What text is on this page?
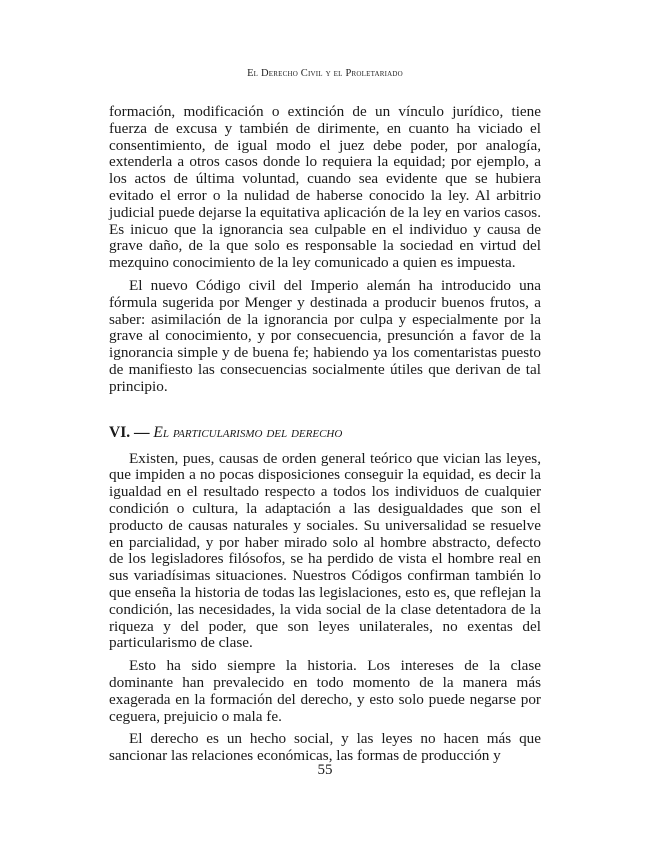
El Derecho Civil y el Proletariado

formación, modificación o extinción de un vínculo jurídico, tiene fuerza de excusa y también de dirimente, en cuanto ha viciado el consentimiento, de igual modo el juez debe poder, por analogía, extenderla a otros casos donde lo requiera la equidad; por ejemplo, a los actos de última voluntad, cuando sea evidente que se hubiera evitado el error o la nulidad de haberse conocido la ley. Al arbitrio judicial puede dejarse la equitativa aplicación de la ley en varios casos. Es inicuo que la ignorancia sea culpable en el individuo y causa de grave daño, de la que solo es responsable la sociedad en virtud del mezquino conocimiento de la ley comunicado a quien es impuesta.

El nuevo Código civil del Imperio alemán ha introducido una fórmula sugerida por Menger y destinada a producir buenos frutos, a saber: asimilación de la ignorancia por culpa y especialmente por la grave al conocimiento, y por consecuencia, presunción a favor de la ignorancia simple y de buena fe; habiendo ya los comentaristas puesto de manifiesto las consecuencias socialmente útiles que derivan de tal principio.

VI. — El particularismo del derecho

Existen, pues, causas de orden general teórico que vician las leyes, que impiden a no pocas disposiciones conseguir la equidad, es decir la igualdad en el resultado respecto a todos los individuos de cualquier condición o cultura, la adaptación a las desigualdades que son el producto de causas naturales y sociales. Su universalidad se resuelve en parcialidad, y por haber mirado solo al hombre abstracto, defecto de los legisladores filósofos, se ha perdido de vista el hombre real en sus variadísimas situaciones. Nuestros Códigos confirman también lo que enseña la historia de todas las legislaciones, esto es, que reflejan la condición, las necesidades, la vida social de la clase detentadora de la riqueza y del poder, que son leyes unilaterales, no exentas del particularismo de clase.

Esto ha sido siempre la historia. Los intereses de la clase dominante han prevalecido en todo momento de la manera más exagerada en la formación del derecho, y esto solo puede negarse por ceguera, prejuicio o mala fe.

El derecho es un hecho social, y las leyes no hacen más que sancionar las relaciones económicas, las formas de producción y

55
